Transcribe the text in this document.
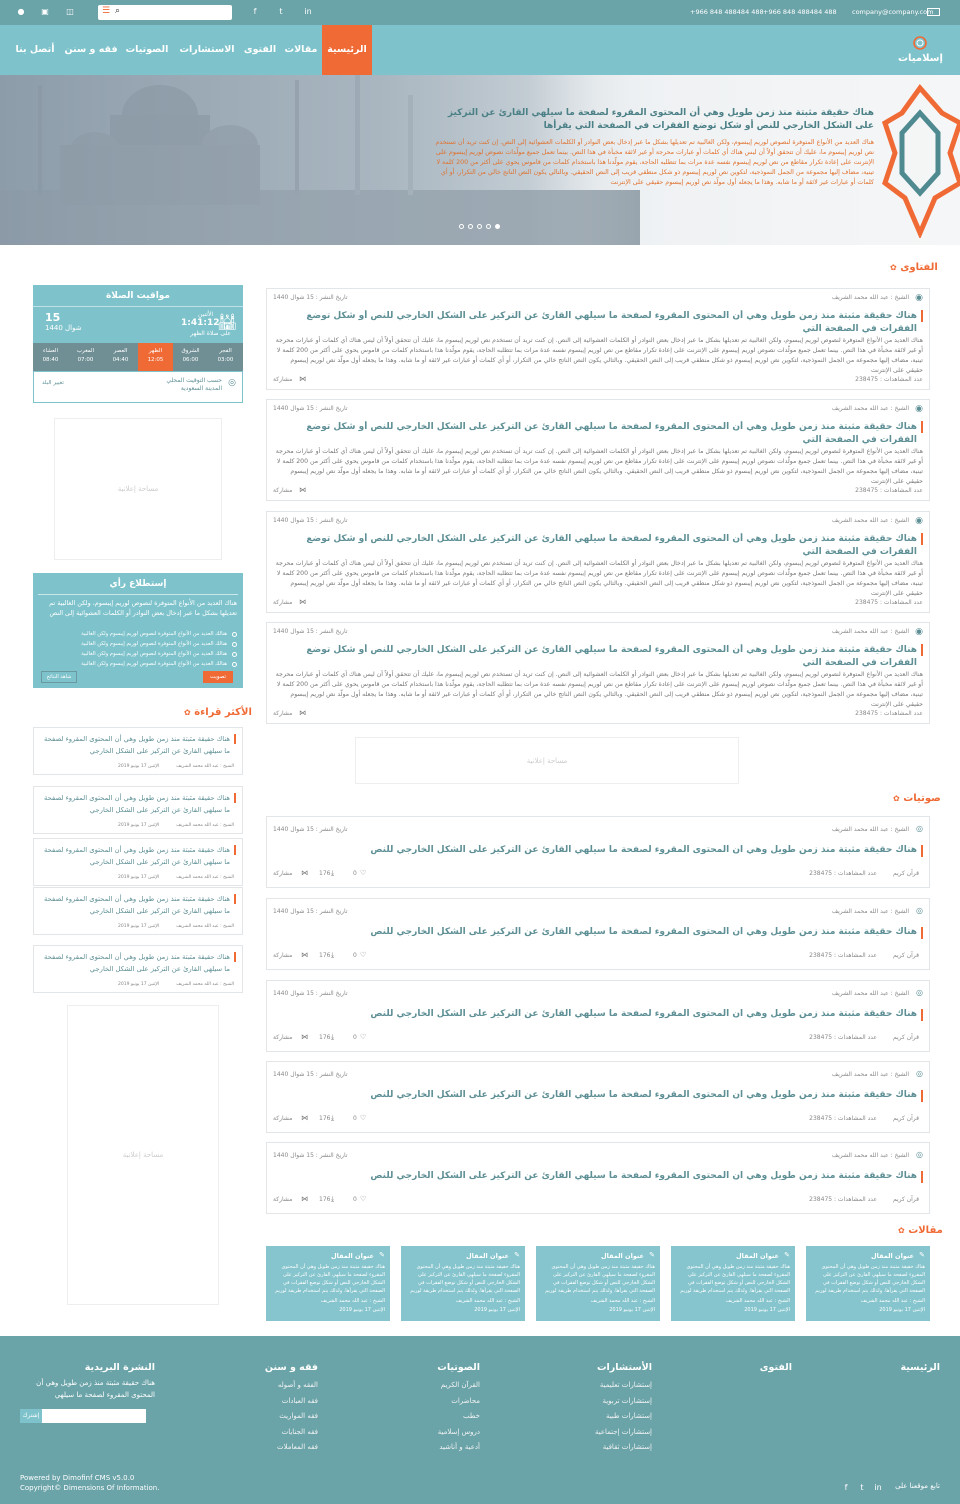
●	▣ ◫	☰ ⌕	f	t	in	+966 848 488484 488 +966 848 488484 488 company@company.com
أتصل بنا	فقه و سنن الصوتيات	الاستشارات الفتوى مقالات	الرئيسية
إسلاميات
هناك حقيقة مثبتة منذ زمن طويل وهي أن المحتوى المقروء لصفحة ما سيلهي القارئ عن التركيز على الشكل الخارجي للنص أو شكل توضع الفقرات في الصفحة التي يقرأها
هناك العديد من الأنواع المتوفرة لنصوص لوريم إيبسوم، ولكن الغالبية تم تعديلها بشكل ما عبر إدخال بعض النوادر أو الكلمات العشوائية إلى النص. إن كنت تريد أن تستخدم نص لوريم إيبسوم ما، عليك أن تتحقق أولاً أن ليس هناك أي كلمات أو عبارات محرجة أو غير لائقة مخبأة في هذا النص. بينما تعمل جميع مولّدات نصوص لوريم إيبسوم على الإنترنت على إعادة تكرار مقاطع من نص لوريم إيبسوم نفسه عدة مرات بما تتطلبه الحاجة، يقوم مولّدنا هذا باستخدام كلمات من قاموس يحوي على أكثر من 200 كلمة لا تينية، مضاف إليها مجموعة من الجمل النموذجية، لتكوين نص لوريم إيبسوم ذو شكل منطقي قريب إلى النص الحقيقي. وبالتالي يكون النص الناتج خالي من التكرار، أو أي كلمات أو عبارات غير لائقة أو ما شابه. وهذا ما يجعله أول مولّد نص لوريم إيبسوم حقيقي على الإنترنت
الفتاوى ✿
◉
الشيخ : عبد الله محمد الشريف
تاريخ النشر : 15 شوال 1440
هناك حقيقة مثبتة منذ زمن طويل وهي أن المحتوى المقروء لصفحة ما سيلهي القارئ عن التركيز على الشكل الخارجي للنص أو شكل توضع الفقرات في الصفحة التي
هناك العديد من الأنواع المتوفرة لنصوص لوريم إيبسوم، ولكن الغالبية تم تعديلها بشكل ما عبر إدخال بعض النوادر أو الكلمات العشوائية إلى النص. إن كنت تريد أن تستخدم نص لوريم إيبسوم ما، عليك أن تتحقق أولاً أن ليس هناك أي كلمات أو عبارات محرجة أو غير لائقة مخبأة في هذا النص. بينما تعمل جميع مولّدات نصوص لوريم إيبسوم على الإنترنت على إعادة تكرار مقاطع من نص لوريم إيبسوم نفسه عدة مرات بما تتطلبه الحاجة، يقوم مولّدنا هذا باستخدام كلمات من قاموس يحوي على أكثر من 200 كلمة لا تينية، مضاف إليها مجموعة من الجمل النموذجية، لتكوين نص لوريم إيبسوم ذو شكل منطقي قريب إلى النص الحقيقي. وبالتالي يكون النص الناتج خالي من التكرار، أو أي كلمات أو عبارات غير لائقة أو ما شابه. وهذا ما يجعله أول مولّد نص لوريم إيبسوم حقيقي على الإنترنت
عدد المشاهدات : 238475
مشاركة ⋈
◉
الشيخ : عبد الله محمد الشريف
تاريخ النشر : 15 شوال 1440
هناك حقيقة مثبتة منذ زمن طويل وهي أن المحتوى المقروء لصفحة ما سيلهي القارئ عن التركيز على الشكل الخارجي للنص أو شكل توضع الفقرات في الصفحة التي
هناك العديد من الأنواع المتوفرة لنصوص لوريم إيبسوم، ولكن الغالبية تم تعديلها بشكل ما عبر إدخال بعض النوادر أو الكلمات العشوائية إلى النص. إن كنت تريد أن تستخدم نص لوريم إيبسوم ما، عليك أن تتحقق أولاً أن ليس هناك أي كلمات أو عبارات محرجة أو غير لائقة مخبأة في هذا النص. بينما تعمل جميع مولّدات نصوص لوريم إيبسوم على الإنترنت على إعادة تكرار مقاطع من نص لوريم إيبسوم نفسه عدة مرات بما تتطلبه الحاجة، يقوم مولّدنا هذا باستخدام كلمات من قاموس يحوي على أكثر من 200 كلمة لا تينية، مضاف إليها مجموعة من الجمل النموذجية، لتكوين نص لوريم إيبسوم ذو شكل منطقي قريب إلى النص الحقيقي. وبالتالي يكون النص الناتج خالي من التكرار، أو أي كلمات أو عبارات غير لائقة أو ما شابه. وهذا ما يجعله أول مولّد نص لوريم إيبسوم حقيقي على الإنترنت
عدد المشاهدات : 238475
مشاركة ⋈
◉
الشيخ : عبد الله محمد الشريف
تاريخ النشر : 15 شوال 1440
هناك حقيقة مثبتة منذ زمن طويل وهي أن المحتوى المقروء لصفحة ما سيلهي القارئ عن التركيز على الشكل الخارجي للنص أو شكل توضع الفقرات في الصفحة التي
هناك العديد من الأنواع المتوفرة لنصوص لوريم إيبسوم، ولكن الغالبية تم تعديلها بشكل ما عبر إدخال بعض النوادر أو الكلمات العشوائية إلى النص. إن كنت تريد أن تستخدم نص لوريم إيبسوم ما، عليك أن تتحقق أولاً أن ليس هناك أي كلمات أو عبارات محرجة أو غير لائقة مخبأة في هذا النص. بينما تعمل جميع مولّدات نصوص لوريم إيبسوم على الإنترنت على إعادة تكرار مقاطع من نص لوريم إيبسوم نفسه عدة مرات بما تتطلبه الحاجة، يقوم مولّدنا هذا باستخدام كلمات من قاموس يحوي على أكثر من 200 كلمة لا تينية، مضاف إليها مجموعة من الجمل النموذجية، لتكوين نص لوريم إيبسوم ذو شكل منطقي قريب إلى النص الحقيقي. وبالتالي يكون النص الناتج خالي من التكرار، أو أي كلمات أو عبارات غير لائقة أو ما شابه. وهذا ما يجعله أول مولّد نص لوريم إيبسوم حقيقي على الإنترنت
عدد المشاهدات : 238475
مشاركة ⋈
◉
الشيخ : عبد الله محمد الشريف
تاريخ النشر : 15 شوال 1440
هناك حقيقة مثبتة منذ زمن طويل وهي أن المحتوى المقروء لصفحة ما سيلهي القارئ عن التركيز على الشكل الخارجي للنص أو شكل توضع الفقرات في الصفحة التي
هناك العديد من الأنواع المتوفرة لنصوص لوريم إيبسوم، ولكن الغالبية تم تعديلها بشكل ما عبر إدخال بعض النوادر أو الكلمات العشوائية إلى النص. إن كنت تريد أن تستخدم نص لوريم إيبسوم ما، عليك أن تتحقق أولاً أن ليس هناك أي كلمات أو عبارات محرجة أو غير لائقة مخبأة في هذا النص. بينما تعمل جميع مولّدات نصوص لوريم إيبسوم على الإنترنت على إعادة تكرار مقاطع من نص لوريم إيبسوم نفسه عدة مرات بما تتطلبه الحاجة، يقوم مولّدنا هذا باستخدام كلمات من قاموس يحوي على أكثر من 200 كلمة لا تينية، مضاف إليها مجموعة من الجمل النموذجية، لتكوين نص لوريم إيبسوم ذو شكل منطقي قريب إلى النص الحقيقي. وبالتالي يكون النص الناتج خالي من التكرار، أو أي كلمات أو عبارات غير لائقة أو ما شابه. وهذا ما يجعله أول مولّد نص لوريم إيبسوم حقيقي على الإنترنت
عدد المشاهدات : 238475
مشاركة ⋈
مساحة إعلانية
صوتيات ✿
◎
الشيخ : عبد الله محمد الشريف
تاريخ النشر : 15 شوال 1440
هناك حقيقة مثبتة منذ زمن طويل وهي أن المحتوى المقروء لصفحة ما سيلهي القارئ عن التركيز على الشكل الخارجي للنص
قرآن كريم
عدد المشاهدات : 238475
مشاركة ⋈ 176 ⤓	0 ♡
◎
الشيخ : عبد الله محمد الشريف
تاريخ النشر : 15 شوال 1440
هناك حقيقة مثبتة منذ زمن طويل وهي أن المحتوى المقروء لصفحة ما سيلهي القارئ عن التركيز على الشكل الخارجي للنص
قرآن كريم
عدد المشاهدات : 238475
مشاركة ⋈ 176 ⤓	0 ♡
◎
الشيخ : عبد الله محمد الشريف
تاريخ النشر : 15 شوال 1440
هناك حقيقة مثبتة منذ زمن طويل وهي أن المحتوى المقروء لصفحة ما سيلهي القارئ عن التركيز على الشكل الخارجي للنص
قرآن كريم
عدد المشاهدات : 238475
مشاركة ⋈ 176 ⤓	0 ♡
◎
الشيخ : عبد الله محمد الشريف
تاريخ النشر : 15 شوال 1440
هناك حقيقة مثبتة منذ زمن طويل وهي أن المحتوى المقروء لصفحة ما سيلهي القارئ عن التركيز على الشكل الخارجي للنص
قرآن كريم
عدد المشاهدات : 238475
مشاركة ⋈ 176 ⤓	0 ♡
◎
الشيخ : عبد الله محمد الشريف
تاريخ النشر : 15 شوال 1440
هناك حقيقة مثبتة منذ زمن طويل وهي أن المحتوى المقروء لصفحة ما سيلهي القارئ عن التركيز على الشكل الخارجي للنص
قرآن كريم
عدد المشاهدات : 238475
مشاركة ⋈ 176 ⤓	0 ♡
مقالات ✿
✎
عنوان المقال
هناك حقيقة مثبتة منذ زمن طويل وهي أن المحتوى المقروء لصفحة ما سيلهي القارئ عن التركيز على الشكل الخارجي للنص أو شكل توضع الفقرات في الصفحة التي يقرأها. ولذلك يتم استخدام طريقة لوريم
الشيخ : عبد الله محمد الشريف
الإثنين 17 يونيو 2019
✎
عنوان المقال
هناك حقيقة مثبتة منذ زمن طويل وهي أن المحتوى المقروء لصفحة ما سيلهي القارئ عن التركيز على الشكل الخارجي للنص أو شكل توضع الفقرات في الصفحة التي يقرأها. ولذلك يتم استخدام طريقة لوريم
الشيخ : عبد الله محمد الشريف
الإثنين 17 يونيو 2019
✎
عنوان المقال
هناك حقيقة مثبتة منذ زمن طويل وهي أن المحتوى المقروء لصفحة ما سيلهي القارئ عن التركيز على الشكل الخارجي للنص أو شكل توضع الفقرات في الصفحة التي يقرأها. ولذلك يتم استخدام طريقة لوريم
الشيخ : عبد الله محمد الشريف
الإثنين 17 يونيو 2019
✎
عنوان المقال
هناك حقيقة مثبتة منذ زمن طويل وهي أن المحتوى المقروء لصفحة ما سيلهي القارئ عن التركيز على الشكل الخارجي للنص أو شكل توضع الفقرات في الصفحة التي يقرأها. ولذلك يتم استخدام طريقة لوريم
الشيخ : عبد الله محمد الشريف
الإثنين 17 يونيو 2019
✎
عنوان المقال
هناك حقيقة مثبتة منذ زمن طويل وهي أن المحتوى المقروء لصفحة ما سيلهي القارئ عن التركيز على الشكل الخارجي للنص أو شكل توضع الفقرات في الصفحة التي يقرأها. ولذلك يتم استخدام طريقة لوريم
الشيخ : عبد الله محمد الشريف
الإثنين 17 يونيو 2019
مواقيت الصلاة
15
شوال 1440
الأثنين
1:41:12
على صلاة الظهر
🕌︎
الفجر
03:00
الشروق
06:00
الظهر
12:05
العصر
04:40
المغرب
07:00
العشاء
08:40
حسب التوقيت المحلي
المدينة السعودية
◎
تغيير البلد
مساحة إعلانية
إستطلاع رأي
هناك العديد من الأنواع المتوفرة لنصوص لوريم إيبسوم، ولكن الغالبية تم تعديلها بشكل ما عبر إدخال بعض النوادر أو الكلمات العشوائية إلى النص
هنالك العديد من الأنواع المتوفرة لنصوص لوريم إيبسوم ولكن الغالبية
هنالك العديد من الأنواع المتوفرة لنصوص لوريم إيبسوم ولكن الغالبية
هنالك العديد من الأنواع المتوفرة لنصوص لوريم إيبسوم ولكن الغالبية
هنالك العديد من الأنواع المتوفرة لنصوص لوريم إيبسوم ولكن الغالبية
تصويت
شاهد النتائج
الأكثر قراءة ✿
هناك حقيقة مثبتة منذ زمن طويل وهي أن المحتوى المقروء لصفحة ما سيلهي القارئ عن التركيز على الشكل الخارجي
الشيخ : عبد الله محمد الشريف
الإثنين 17 يونيو 2019
هناك حقيقة مثبتة منذ زمن طويل وهي أن المحتوى المقروء لصفحة ما سيلهي القارئ عن التركيز على الشكل الخارجي
الشيخ : عبد الله محمد الشريف
الإثنين 17 يونيو 2019
هناك حقيقة مثبتة منذ زمن طويل وهي أن المحتوى المقروء لصفحة ما سيلهي القارئ عن التركيز على الشكل الخارجي
الشيخ : عبد الله محمد الشريف
الإثنين 17 يونيو 2019
هناك حقيقة مثبتة منذ زمن طويل وهي أن المحتوى المقروء لصفحة ما سيلهي القارئ عن التركيز على الشكل الخارجي
الشيخ : عبد الله محمد الشريف
الإثنين 17 يونيو 2019
هناك حقيقة مثبتة منذ زمن طويل وهي أن المحتوى المقروء لصفحة ما سيلهي القارئ عن التركيز على الشكل الخارجي
الشيخ : عبد الله محمد الشريف
الإثنين 17 يونيو 2019
مساحة إعلانية
الرئيسية
الفتوى
الأستشارات
إستشارات تعليمية
إستشارات تربوية
إستشارات طبية
إستشارات إجتماعية
إستشارات ثقافية
الصوتيات
القرآن الكريم
محاضرات
خطب
دروس إسلامية
أدعية و أناشيد
فقه و سنن
الفقه و أصوله
فقه العبادات
فقه المواريث
فقه الجنايات
فقه المعاملات
النشرة البريدية
هناك حقيقة مثبتة منذ زمن طويل وهي أن المحتوى المقروء لصفحة ما سيلهي
إشترك
Powered by Dimofinf CMS v5.0.0
Copyright© Dimensions Of Information.	تابع موقعنا على
f	t	in
